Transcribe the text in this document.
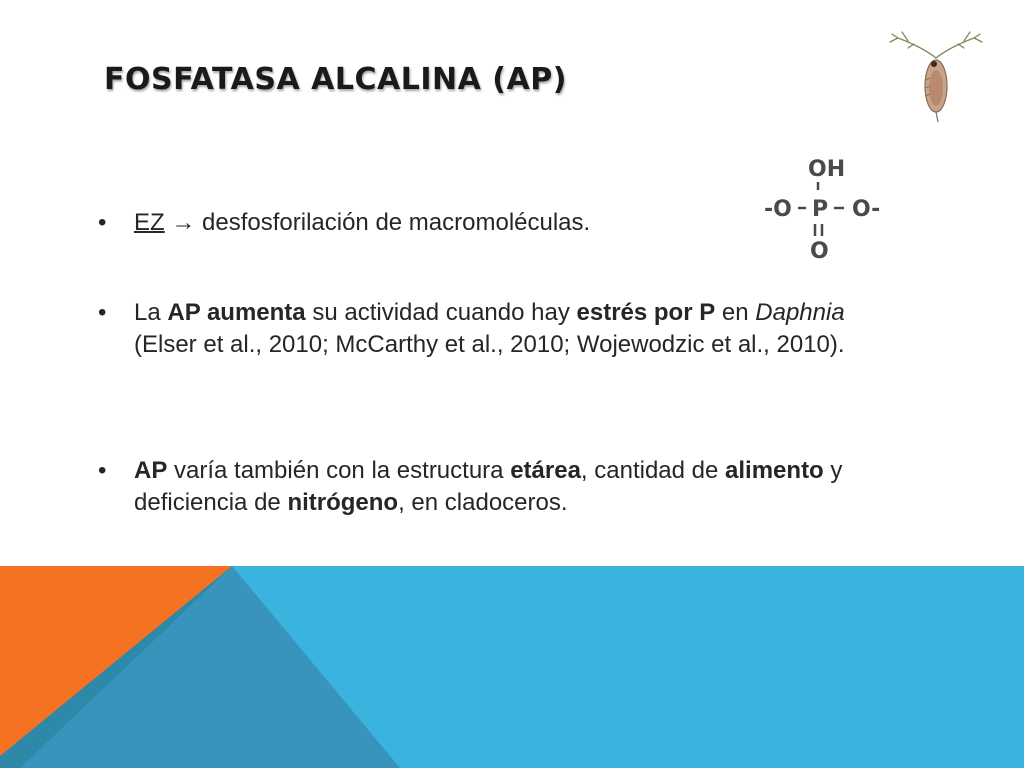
FOSFATASA ALCALINA (AP)
OH
-O P O-
O
•	EZ → desfosforilación de macromoléculas.
•	La AP aumenta su actividad cuando hay estrés por P en Daphnia (Elser et al., 2010; McCarthy et al., 2010; Wojewodzic et al., 2010).
•	AP varía también con la estructura etárea, cantidad de alimento y deficiencia de nitrógeno, en cladoceros.
